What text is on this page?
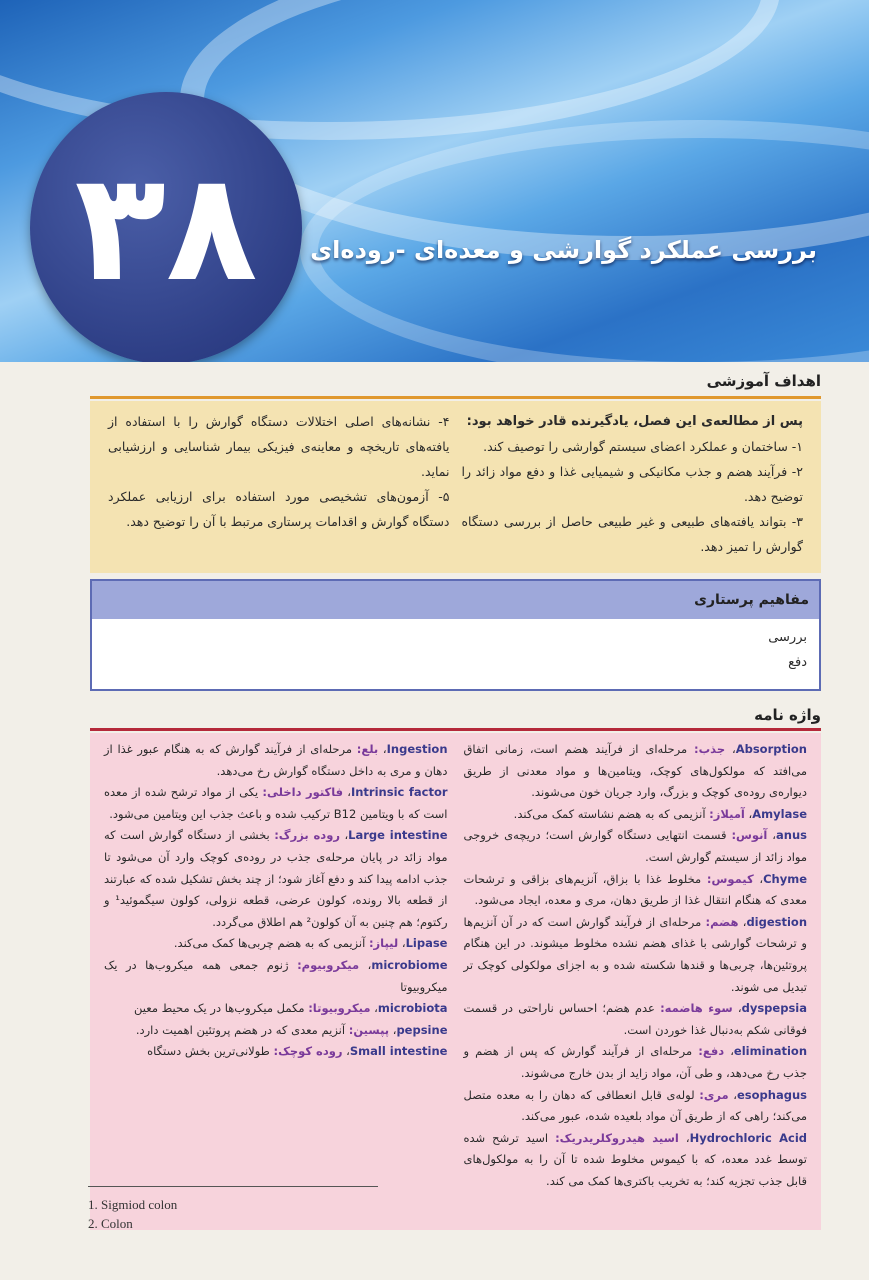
۳۸ بررسی عملکرد گوارشی و معده‌ای -روده‌ای
اهداف آموزشی
پس از مطالعه‌ی این فصل، یادگیرنده قادر خواهد بود:
۱- ساختمان و عملکرد اعضای سیستم گوارشی را توصیف کند.
۲- فرآیند هضم و جذب مکانیکی و شیمیایی غذا و دفع مواد زائد را توضیح دهد.
۳- بتواند یافته‌های طبیعی و غیر طبیعی حاصل از بررسی دستگاه گوارش را تمیز دهد.
۴- نشانه‌های اصلی اختلالات دستگاه گوارش را با استفاده از یافته‌های تاریخچه و معاینه‌ی فیزیکی بیمار شناسایی و ارزشیابی نماید.
۵- آزمون‌های تشخیصی مورد استفاده برای ارزیابی عملکرد دستگاه گوارش و اقدامات پرستاری مرتبط با آن را توضیح دهد.
مفاهیم پرستاری
بررسی
دفع
واژه نامه
Absorption، جذب: مرحله‌ای از فرآیند هضم است، زمانی اتفاق می‌افتد که مولکول‌های کوچک، ویتامین‌ها و مواد معدنی از طریق دیواره‌ی روده‌ی کوچک و بزرگ، وارد جریان خون می‌شوند.
Amylase، آمیلاز: آنزیمی که به هضم نشاسته کمک می‌کند.
anus، آنوس: قسمت انتهایی دستگاه گوارش است؛ دریچه‌ی خروجی مواد زائد از سیستم گوارش است.
Chyme، کیموس: مخلوط غذا با بزاق، آنزیم‌های بزاقی و ترشحات معدی که هنگام انتقال غذا از طریق دهان، مری و معده، ایجاد می‌شود.
digestion، هضم: مرحله‌ای از فرآیند گوارش است که در آن آنزیم‌ها و ترشحات گوارشی با غذای هضم نشده مخلوط میشوند. در این هنگام پروتئین‌ها، چربی‌ها و قندها شکسته شده و به اجزای مولکولی کوچک تر تبدیل می شوند.
dyspepsia، سوء هاضمه: عدم هضم؛ احساس ناراحتی در قسمت فوقانی شکم به‌دنبال غذا خوردن است.
elimination، دفع: مرحله‌ای از فرآیند گوارش که پس از هضم و جذب رخ می‌دهد، و طی آن، مواد زاید از بدن خارج می‌شوند.
esophagus، مری: لوله‌ی قابل انعطافی که دهان را به معده متصل می‌کند؛ راهی که از طریق آن مواد بلعیده شده، عبور می‌کند.
Hydrochloric Acid، اسید هیدروکلریدریک: اسید ترشح شده توسط غدد معده، که با کیموس مخلوط شده تا آن را به مولکول‌های قابل جذب تجزیه کند؛ به تخریب باکتری‌ها کمک می کند.
Ingestion، بلع: مرحله‌ای از فرآیند گوارش که به هنگام عبور غذا از دهان و مری به داخل دستگاه گوارش رخ می‌دهد.
Intrinsic factor، فاکتور داخلی: یکی از مواد ترشح شده از معده است که با ویتامین B12 ترکیب شده و باعث جذب این ویتامین می‌شود.
Large intestine، روده بزرگ: بخشی از دستگاه گوارش است که مواد زائد در پایان مرحله‌ی جذب در روده‌ی کوچک وارد آن می‌شود تا جذب ادامه پیدا کند و دفع آغاز شود؛ از چند بخش تشکیل شده که عبارتند از قطعه بالا رونده، کولون عرضی، قطعه نزولی، کولون سیگموئید¹ و رکتوم؛ هم چنین به آن کولون² هم اطلاق می‌گردد.
Lipase، لیپاز: آنزیمی که به هضم چربی‌ها کمک می‌کند.
microbiome، میکروبیوم: ژنوم جمعی همه میکروب‌ها در یک میکروبیوتا
microbiota، میکروبیوتا: مکمل میکروب‌ها در یک محیط معین
pepsine، پپسین: آنزیم معدی که در هضم پروتئین اهمیت دارد.
Small intestine، روده کوچک: طولانی‌ترین بخش دستگاه
1. Sigmiod colon
2. Colon
